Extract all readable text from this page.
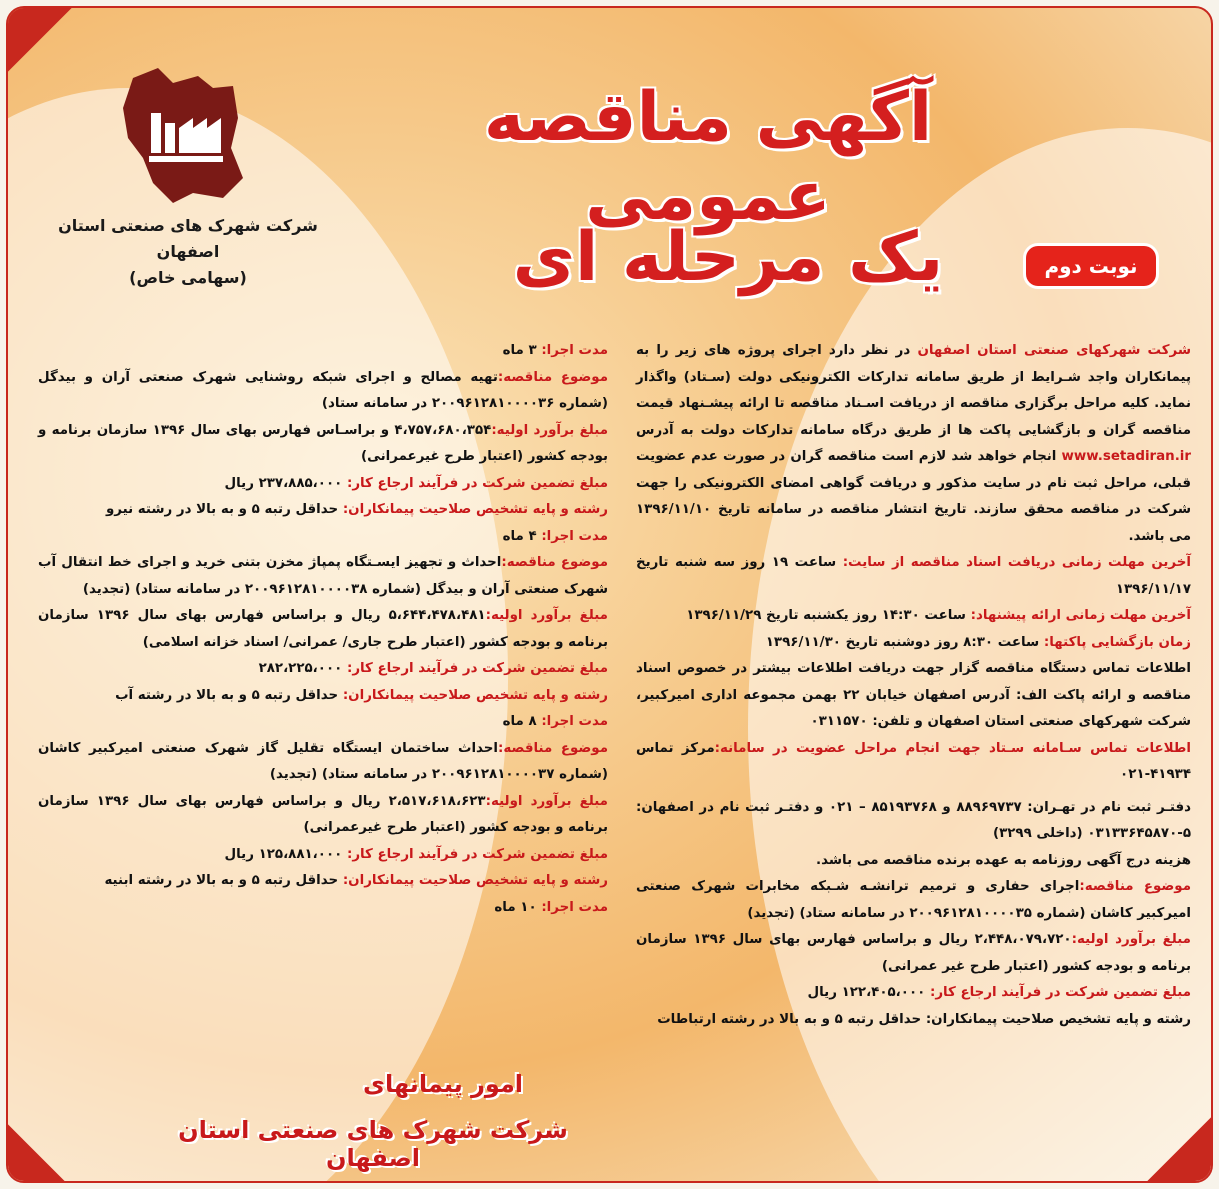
شرکت شهرک های صنعتی استان اصفهان
(سهامی خاص)
آگهی مناقصه عمومی
یک مرحله ای	نوبت دوم

شرکت شهرکهای صنعتی استان اصفهان در نظر دارد اجرای پروژه های زیر را به پیمانکاران واجد شـرایط از طریق سامانه تدارکات الکترونیکی دولت (سـتاد) واگذار نماید. کلیه مراحل برگزاری مناقصه از دریافت اسـناد مناقصه تا ارائه پیشـنهاد قیمت مناقصه گران و بازگشایی پاکت ها از طریق درگاه سامانه تدارکات دولت به آدرس www.setadiran.ir انجام خواهد شد لازم است مناقصه گران در صورت عدم عضویت قبلی، مراحل ثبت نام در سایت مذکور و دریافت گواهی امضای الکترونیکی را جهت شرکت در مناقصه محقق سازند. تاریخ انتشار مناقصه در سامانه تاریخ ۱۳۹۶/۱۱/۱۰ می باشد.

آخرین مهلت زمانی دریافت اسناد مناقصه از سایت: ساعت ۱۹ روز سه شنبه تاریخ ۱۳۹۶/۱۱/۱۷

آخرین مهلت زمانی ارائه پیشنهاد: ساعت ۱۴:۳۰ روز یکشنبه تاریخ ۱۳۹۶/۱۱/۲۹

زمان بازگشایی پاکتها: ساعت ۸:۳۰ روز دوشنبه تاریخ ۱۳۹۶/۱۱/۳۰

اطلاعات تماس دستگاه مناقصه گزار جهت دریافت اطلاعات بیشتر در خصوص اسناد مناقصه و ارائه پاکت الف: آدرس اصفهان خیابان ۲۲ بهمن مجموعه اداری امیرکبیر، شرکت شهرکهای صنعتی استان اصفهان و تلفن: ۰۳۱۱۵۷۰

اطلاعات تماس سـامانه سـتاد جهت انجام مراحل عضویت در سامانه:مرکز تماس ۴۱۹۳۴-۰۲۱

دفتـر ثبت نام در تهـران: ۸۸۹۶۹۷۳۷ و ۸۵۱۹۳۷۶۸ – ۰۲۱ و دفتـر ثبت نام در اصفهان: ۵-۰۳۱۳۳۶۴۵۸۷۰ (داخلی ۳۲۹۹)

هزینه درج آگهی روزنامه به عهده برنده مناقصه می باشد.

موضوع مناقصه:اجرای حفاری و ترمیم ترانشـه شـبکه مخابرات شهرک صنعتی امیرکبیر کاشان (شماره ۲۰۰۹۶۱۲۸۱۰۰۰۰۳۵ در سامانه ستاد) (تجدید)

مبلغ برآورد اولیه:۲،۴۴۸،۰۷۹،۷۲۰ ریال و براساس فهارس بهای سال ۱۳۹۶ سازمان برنامه و بودجه کشور (اعتبار طرح غیر عمرانی)

مبلغ تضمین شرکت در فرآیند ارجاع کار: ۱۲۲،۴۰۵،۰۰۰ ریال

رشته و پایه تشخیص صلاحیت پیمانکاران: حداقل رتبه ۵ و به بالا در رشته ارتباطات

مدت اجرا: ۳ ماه

موضوع مناقصه:تهیه مصالح و اجرای شبکه روشنایی شهرک صنعتی آران و بیدگل (شماره ۲۰۰۹۶۱۲۸۱۰۰۰۰۳۶ در سامانه ستاد)

مبلغ برآورد اولیه:۴،۷۵۷،۶۸۰،۳۵۴ و براسـاس فهارس بهای سال ۱۳۹۶ سازمان برنامه و بودجه کشور (اعتبار طرح غیرعمرانی)

مبلغ تضمین شرکت در فرآیند ارجاع کار: ۲۳۷،۸۸۵،۰۰۰ ریال

رشته و پایه تشخیص صلاحیت پیمانکاران: حداقل رتبه ۵ و به بالا در رشته نیرو

مدت اجرا: ۴ ماه

موضوع مناقصه:احداث و تجهیز ایسـتگاه پمپاژ مخزن بتنی خرید و اجرای خط انتقال آب شهرک صنعتی آران و بیدگل (شماره ۲۰۰۹۶۱۲۸۱۰۰۰۰۳۸ در سامانه ستاد) (تجدید)

مبلغ برآورد اولیه:۵،۶۴۴،۴۷۸،۴۸۱ ریال و براساس فهارس بهای سال ۱۳۹۶ سازمان برنامه و بودجه کشور (اعتبار طرح جاری/ عمرانی/ اسناد خزانه اسلامی)

مبلغ تضمین شرکت در فرآیند ارجاع کار: ۲۸۲،۲۲۵،۰۰۰

رشته و پایه تشخیص صلاحیت پیمانکاران: حداقل رتبه ۵ و به بالا در رشته آب

مدت اجرا: ۸ ماه

موضوع مناقصه:احداث ساختمان ایستگاه تقلیل گاز شهرک صنعتی امیرکبیر کاشان (شماره ۲۰۰۹۶۱۲۸۱۰۰۰۰۳۷ در سامانه ستاد) (تجدید)

مبلغ برآورد اولیه:۲،۵۱۷،۶۱۸،۶۲۳ ریال و براساس فهارس بهای سال ۱۳۹۶ سازمان برنامه و بودجه کشور (اعتبار طرح غیرعمرانی)

مبلغ تضمین شرکت در فرآیند ارجاع کار: ۱۲۵،۸۸۱،۰۰۰ ریال

رشته و پایه تشخیص صلاحیت پیمانکاران: حداقل رتبه ۵ و به بالا در رشته ابنیه

مدت اجرا: ۱۰ ماه

امور پیمانهای
شرکت شهرک های صنعتی استان اصفهان
